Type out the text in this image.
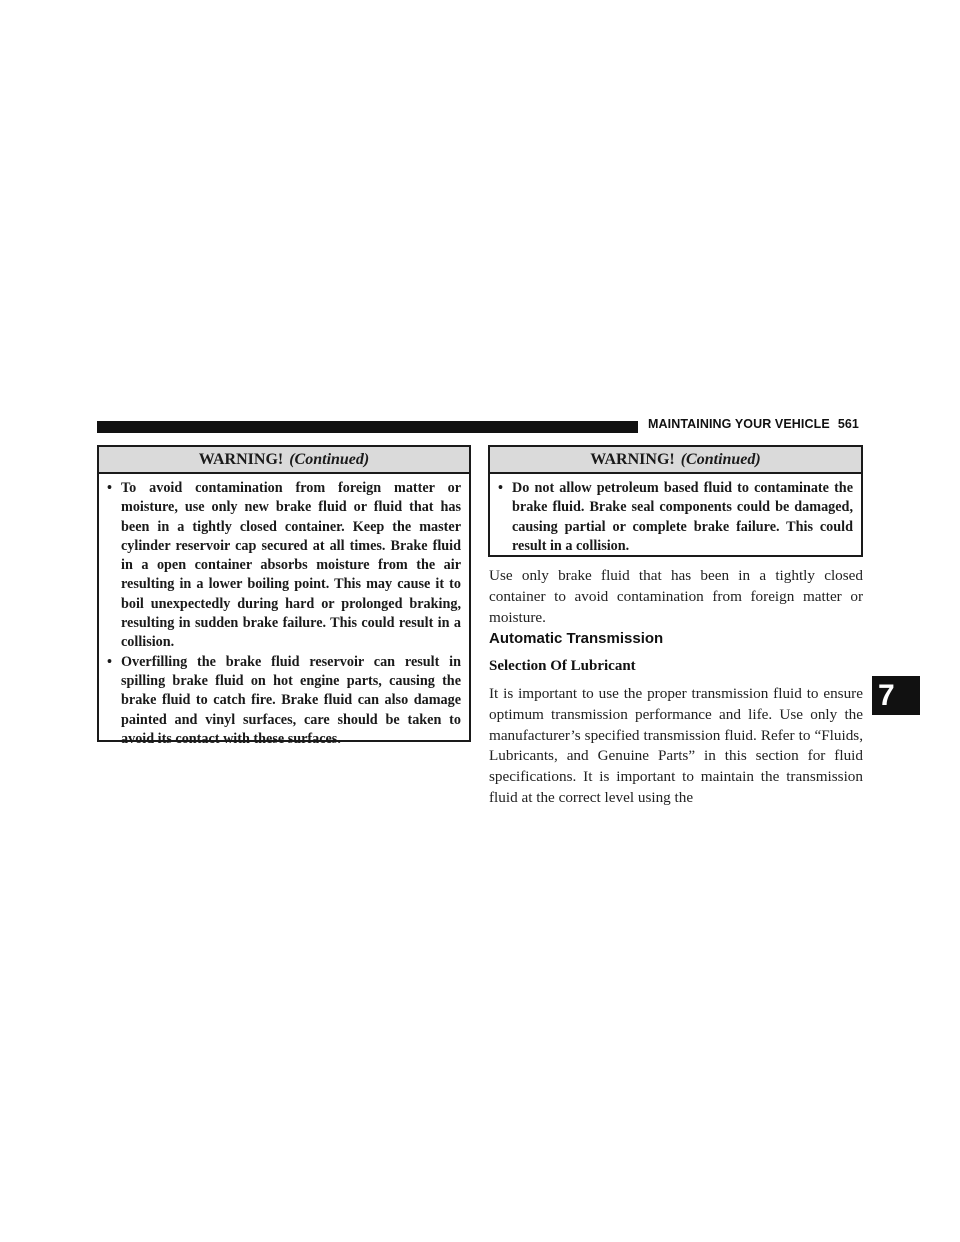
MAINTAINING YOUR VEHICLE 561
WARNING! (Continued)
• To avoid contamination from foreign matter or moisture, use only new brake fluid or fluid that has been in a tightly closed container. Keep the master cylinder reservoir cap secured at all times. Brake fluid in a open container absorbs moisture from the air resulting in a lower boiling point. This may cause it to boil unexpectedly during hard or prolonged braking, resulting in sudden brake failure. This could result in a collision.
• Overfilling the brake fluid reservoir can result in spilling brake fluid on hot engine parts, causing the brake fluid to catch fire. Brake fluid can also damage painted and vinyl surfaces, care should be taken to avoid its contact with these surfaces.
WARNING! (Continued)
• Do not allow petroleum based fluid to contaminate the brake fluid. Brake seal components could be damaged, causing partial or complete brake failure. This could result in a collision.
Use only brake fluid that has been in a tightly closed container to avoid contamination from foreign matter or moisture.
Automatic Transmission
Selection Of Lubricant
It is important to use the proper transmission fluid to ensure optimum transmission performance and life. Use only the manufacturer’s specified transmission fluid. Refer to “Fluids, Lubricants, and Genuine Parts” in this section for fluid specifications. It is important to maintain the transmission fluid at the correct level using the
7
